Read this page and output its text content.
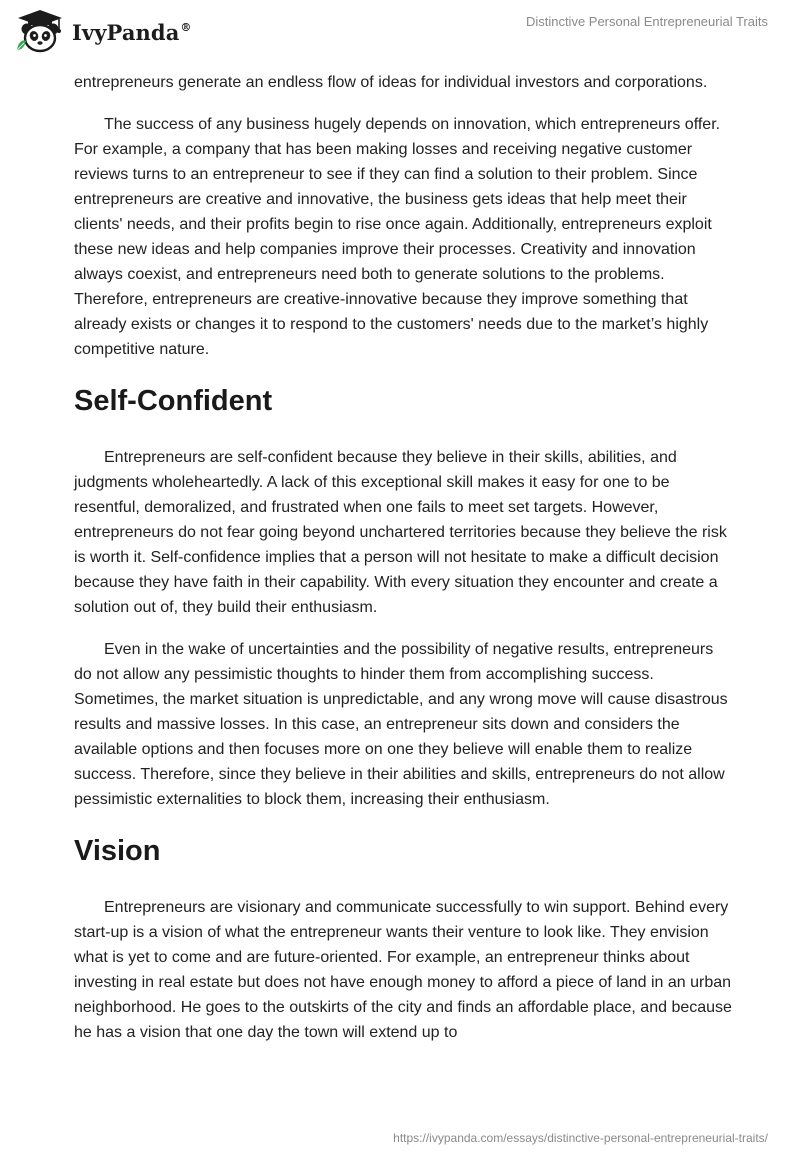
IvyPanda®	Distinctive Personal Entrepreneurial Traits

entrepreneurs generate an endless flow of ideas for individual investors and corporations.

The success of any business hugely depends on innovation, which entrepreneurs offer. For example, a company that has been making losses and receiving negative customer reviews turns to an entrepreneur to see if they can find a solution to their problem. Since entrepreneurs are creative and innovative, the business gets ideas that help meet their clients' needs, and their profits begin to rise once again. Additionally, entrepreneurs exploit these new ideas and help companies improve their processes. Creativity and innovation always coexist, and entrepreneurs need both to generate solutions to the problems. Therefore, entrepreneurs are creative-innovative because they improve something that already exists or changes it to respond to the customers' needs due to the market’s highly competitive nature.

Self-Confident

Entrepreneurs are self-confident because they believe in their skills, abilities, and judgments wholeheartedly. A lack of this exceptional skill makes it easy for one to be resentful, demoralized, and frustrated when one fails to meet set targets. However, entrepreneurs do not fear going beyond unchartered territories because they believe the risk is worth it. Self-confidence implies that a person will not hesitate to make a difficult decision because they have faith in their capability. With every situation they encounter and create a solution out of, they build their enthusiasm.

Even in the wake of uncertainties and the possibility of negative results, entrepreneurs do not allow any pessimistic thoughts to hinder them from accomplishing success. Sometimes, the market situation is unpredictable, and any wrong move will cause disastrous results and massive losses. In this case, an entrepreneur sits down and considers the available options and then focuses more on one they believe will enable them to realize success. Therefore, since they believe in their abilities and skills, entrepreneurs do not allow pessimistic externalities to block them, increasing their enthusiasm.

Vision

Entrepreneurs are visionary and communicate successfully to win support. Behind every start-up is a vision of what the entrepreneur wants their venture to look like. They envision what is yet to come and are future-oriented. For example, an entrepreneur thinks about investing in real estate but does not have enough money to afford a piece of land in an urban neighborhood. He goes to the outskirts of the city and finds an affordable place, and because he has a vision that one day the town will extend up to

https://ivypanda.com/essays/distinctive-personal-entrepreneurial-traits/
